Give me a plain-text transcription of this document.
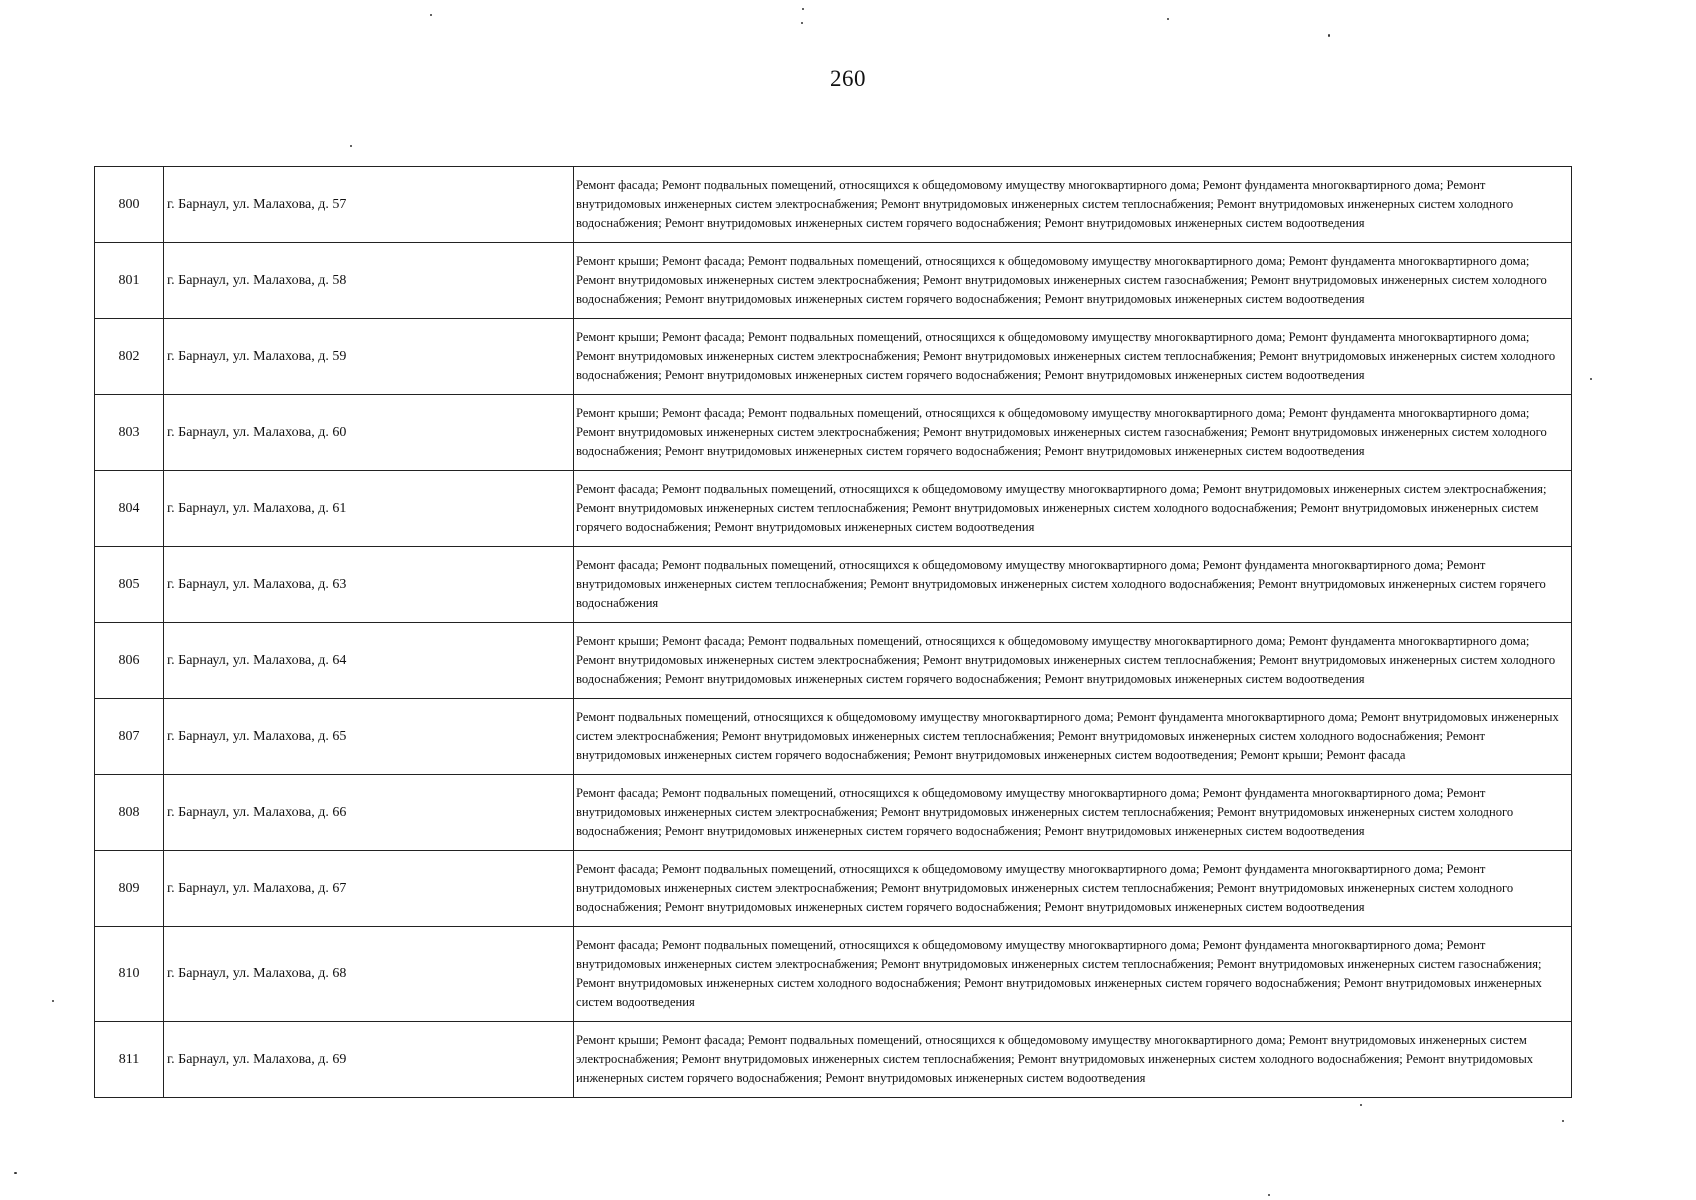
260
800	г. Барнаул, ул. Малахова, д. 57	Ремонт фасада; Ремонт подвальных помещений, относящихся к общедомовому имуществу многоквартирного дома; Ремонт фундамента многоквартирного дома; Ремонт внутридомовых инженерных систем электроснабжения; Ремонт внутридомовых инженерных систем теплоснабжения; Ремонт внутридомовых инженерных систем холодного водоснабжения; Ремонт внутридомовых инженерных систем горячего водоснабжения; Ремонт внутридомовых инженерных систем водоотведения
801	г. Барнаул, ул. Малахова, д. 58	Ремонт крыши; Ремонт фасада; Ремонт подвальных помещений, относящихся к общедомовому имуществу многоквартирного дома; Ремонт фундамента многоквартирного дома; Ремонт внутридомовых инженерных систем электроснабжения; Ремонт внутридомовых инженерных систем газоснабжения; Ремонт внутридомовых инженерных систем холодного водоснабжения; Ремонт внутридомовых инженерных систем горячего водоснабжения; Ремонт внутридомовых инженерных систем водоотведения
802	г. Барнаул, ул. Малахова, д. 59	Ремонт крыши; Ремонт фасада; Ремонт подвальных помещений, относящихся к общедомовому имуществу многоквартирного дома; Ремонт фундамента многоквартирного дома; Ремонт внутридомовых инженерных систем электроснабжения; Ремонт внутридомовых инженерных систем теплоснабжения; Ремонт внутридомовых инженерных систем холодного водоснабжения; Ремонт внутридомовых инженерных систем горячего водоснабжения; Ремонт внутридомовых инженерных систем водоотведения
803	г. Барнаул, ул. Малахова, д. 60	Ремонт крыши; Ремонт фасада; Ремонт подвальных помещений, относящихся к общедомовому имуществу многоквартирного дома; Ремонт фундамента многоквартирного дома; Ремонт внутридомовых инженерных систем электроснабжения; Ремонт внутридомовых инженерных систем газоснабжения; Ремонт внутридомовых инженерных систем холодного водоснабжения; Ремонт внутридомовых инженерных систем горячего водоснабжения; Ремонт внутридомовых инженерных систем водоотведения
804	г. Барнаул, ул. Малахова, д. 61	Ремонт фасада; Ремонт подвальных помещений, относящихся к общедомовому имуществу многоквартирного дома; Ремонт внутридомовых инженерных систем электроснабжения; Ремонт внутридомовых инженерных систем теплоснабжения; Ремонт внутридомовых инженерных систем холодного водоснабжения; Ремонт внутридомовых инженерных систем горячего водоснабжения; Ремонт внутридомовых инженерных систем водоотведения
805	г. Барнаул, ул. Малахова, д. 63	Ремонт фасада; Ремонт подвальных помещений, относящихся к общедомовому имуществу многоквартирного дома; Ремонт фундамента многоквартирного дома; Ремонт внутридомовых инженерных систем теплоснабжения; Ремонт внутридомовых инженерных систем холодного водоснабжения; Ремонт внутридомовых инженерных систем горячего водоснабжения
806	г. Барнаул, ул. Малахова, д. 64	Ремонт крыши; Ремонт фасада; Ремонт подвальных помещений, относящихся к общедомовому имуществу многоквартирного дома; Ремонт фундамента многоквартирного дома; Ремонт внутридомовых инженерных систем электроснабжения; Ремонт внутридомовых инженерных систем теплоснабжения; Ремонт внутридомовых инженерных систем холодного водоснабжения; Ремонт внутридомовых инженерных систем горячего водоснабжения; Ремонт внутридомовых инженерных систем водоотведения
807	г. Барнаул, ул. Малахова, д. 65	Ремонт подвальных помещений, относящихся к общедомовому имуществу многоквартирного дома; Ремонт фундамента многоквартирного дома; Ремонт внутридомовых инженерных систем электроснабжения; Ремонт внутридомовых инженерных систем теплоснабжения; Ремонт внутридомовых инженерных систем холодного водоснабжения; Ремонт внутридомовых инженерных систем горячего водоснабжения; Ремонт внутридомовых инженерных систем водоотведения; Ремонт крыши; Ремонт фасада
808	г. Барнаул, ул. Малахова, д. 66	Ремонт фасада; Ремонт подвальных помещений, относящихся к общедомовому имуществу многоквартирного дома; Ремонт фундамента многоквартирного дома; Ремонт внутридомовых инженерных систем электроснабжения; Ремонт внутридомовых инженерных систем теплоснабжения; Ремонт внутридомовых инженерных систем холодного водоснабжения; Ремонт внутридомовых инженерных систем горячего водоснабжения; Ремонт внутридомовых инженерных систем водоотведения
809	г. Барнаул, ул. Малахова, д. 67	Ремонт фасада; Ремонт подвальных помещений, относящихся к общедомовому имуществу многоквартирного дома; Ремонт фундамента многоквартирного дома; Ремонт внутридомовых инженерных систем электроснабжения; Ремонт внутридомовых инженерных систем теплоснабжения; Ремонт внутридомовых инженерных систем холодного водоснабжения; Ремонт внутридомовых инженерных систем горячего водоснабжения; Ремонт внутридомовых инженерных систем водоотведения
810	г. Барнаул, ул. Малахова, д. 68	Ремонт фасада; Ремонт подвальных помещений, относящихся к общедомовому имуществу многоквартирного дома; Ремонт фундамента многоквартирного дома; Ремонт внутридомовых инженерных систем электроснабжения; Ремонт внутридомовых инженерных систем теплоснабжения; Ремонт внутридомовых инженерных систем газоснабжения; Ремонт внутридомовых инженерных систем холодного водоснабжения; Ремонт внутридомовых инженерных систем горячего водоснабжения; Ремонт внутридомовых инженерных систем водоотведения
811	г. Барнаул, ул. Малахова, д. 69	Ремонт крыши; Ремонт фасада; Ремонт подвальных помещений, относящихся к общедомовому имуществу многоквартирного дома; Ремонт внутридомовых инженерных систем электроснабжения; Ремонт внутридомовых инженерных систем теплоснабжения; Ремонт внутридомовых инженерных систем холодного водоснабжения; Ремонт внутридомовых инженерных систем горячего водоснабжения; Ремонт внутридомовых инженерных систем водоотведения
